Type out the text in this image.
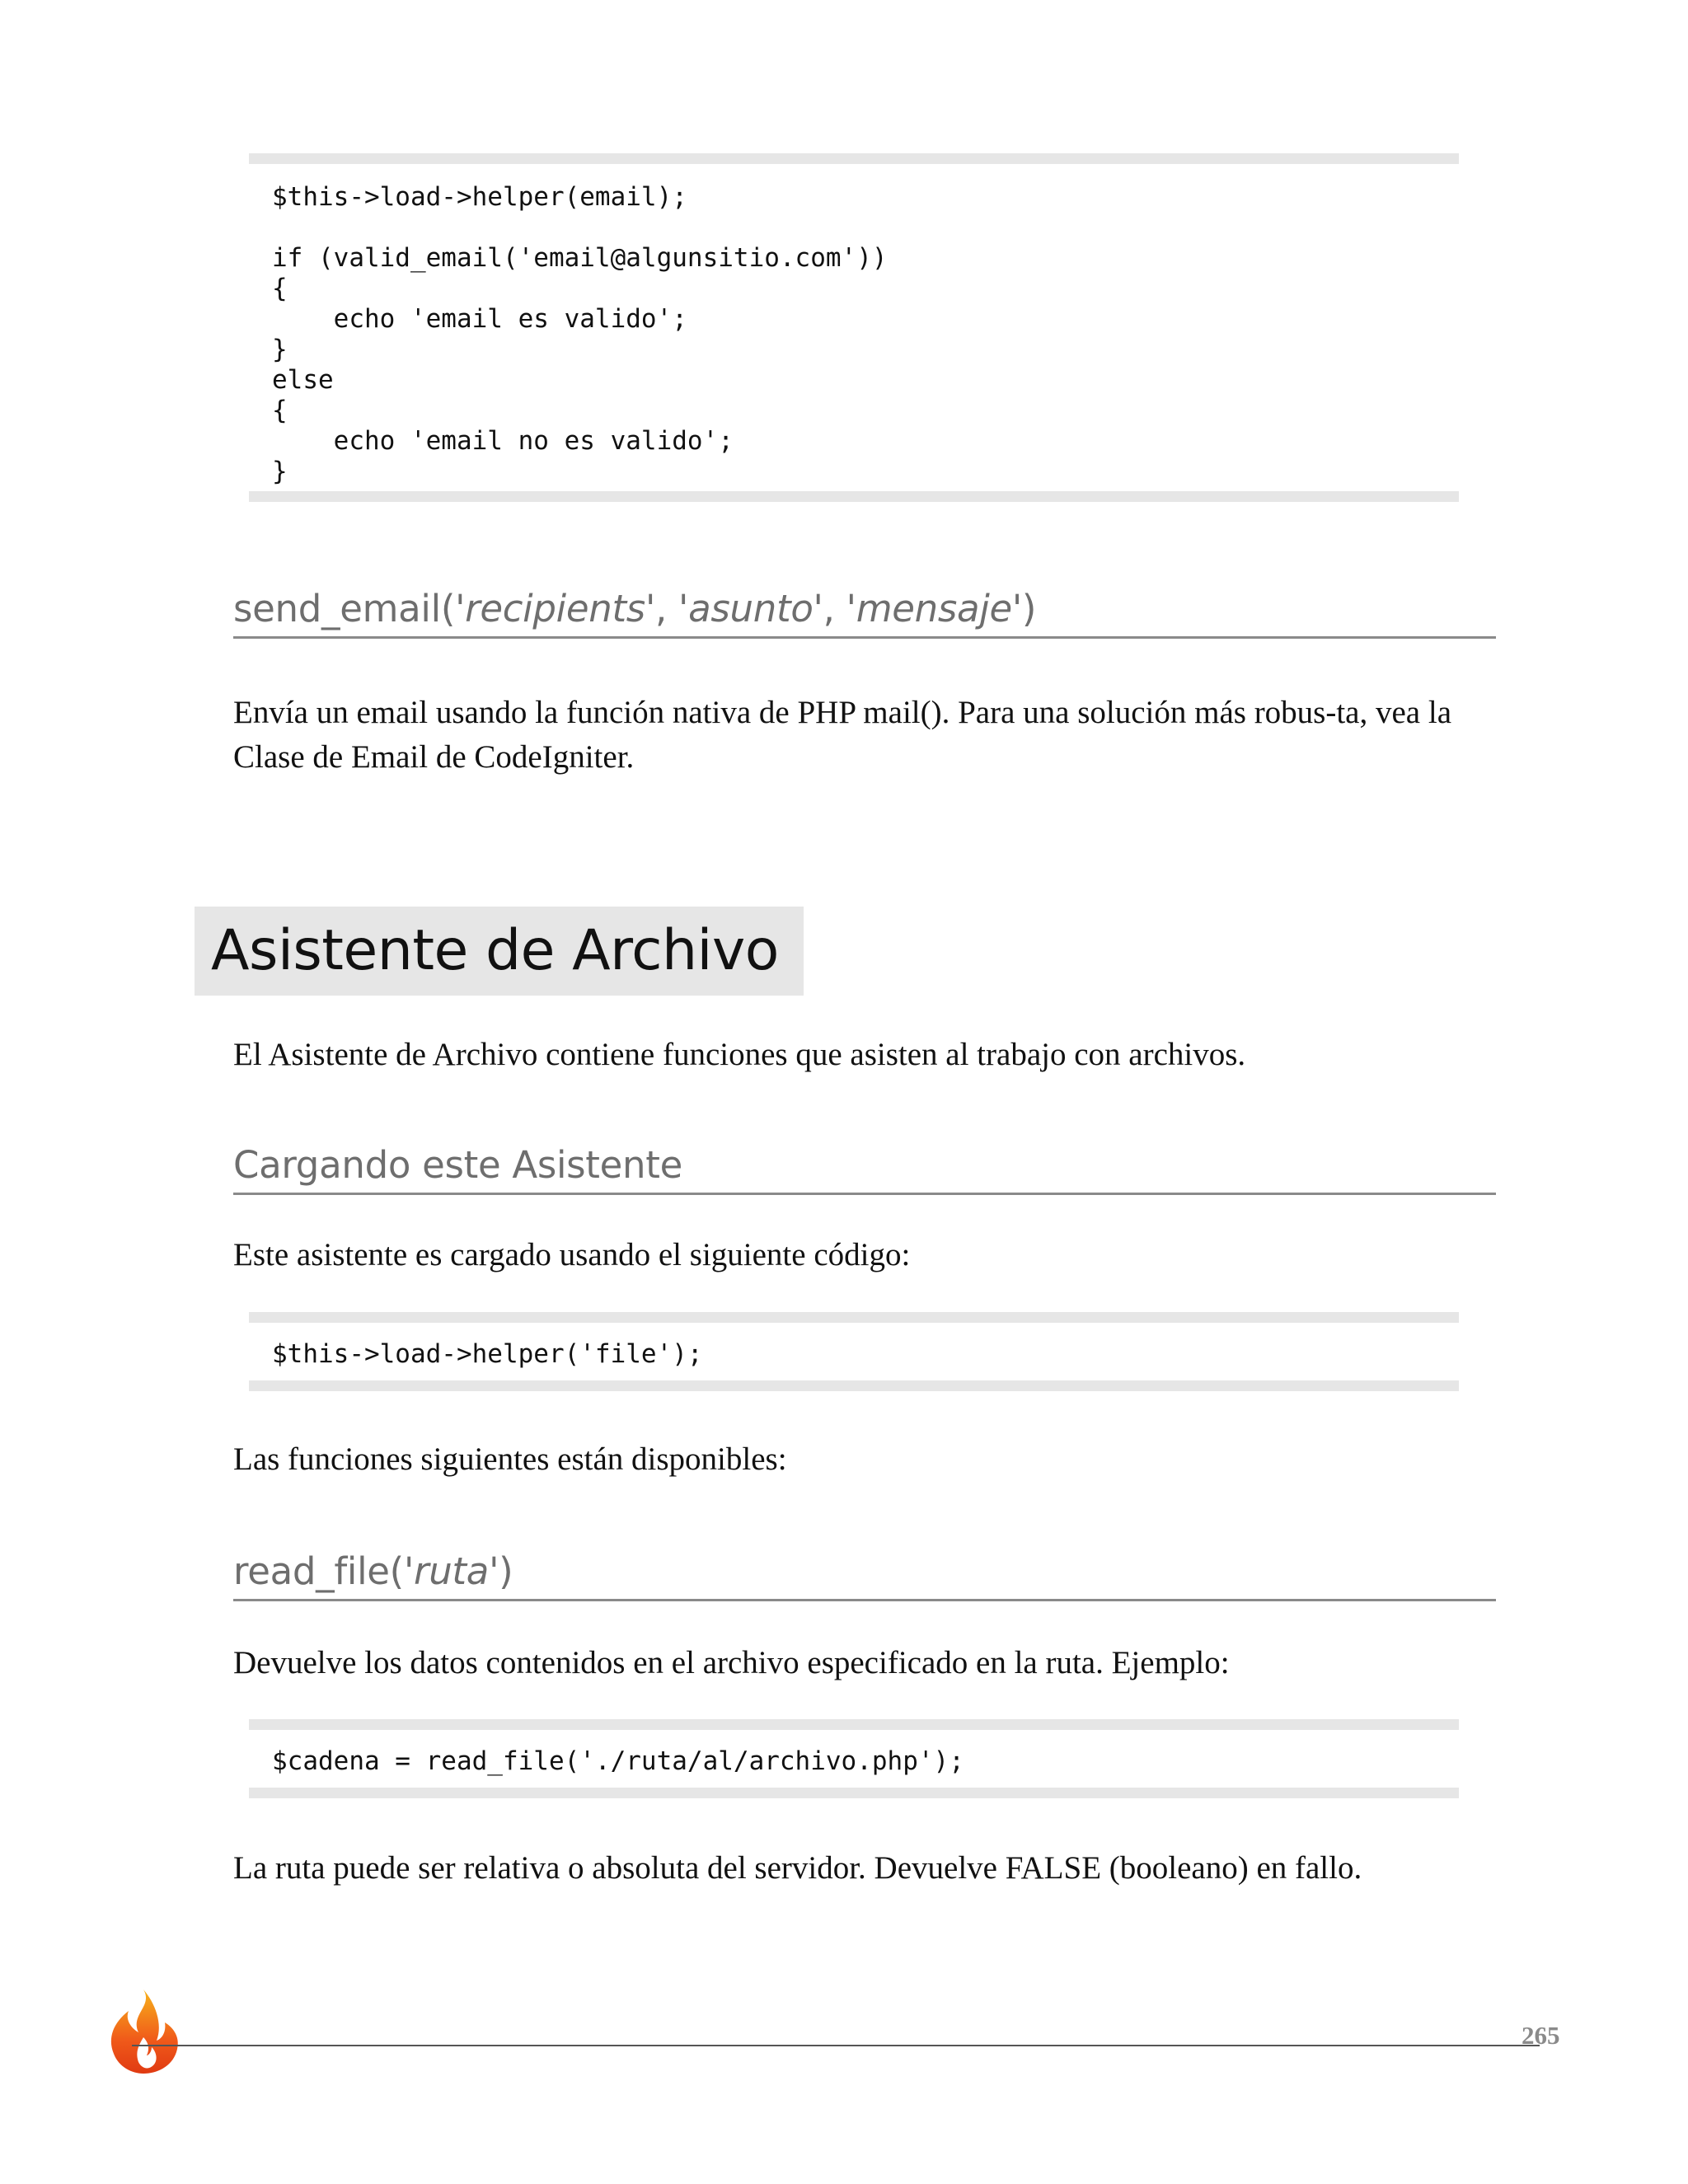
$this->load->helper(email);

if (valid_email('email@algunsitio.com'))
{
echo 'email es valido';
}
else
{
echo 'email no es valido';
}
send_email('recipients', 'asunto', 'mensaje')
Envía un email usando la función nativa de PHP mail(). Para una solución más robus-ta, vea la Clase de Email de CodeIgniter.
Asistente de Archivo
El Asistente de Archivo contiene funciones que asisten al trabajo con archivos.
Cargando este Asistente
Este asistente es cargado usando el siguiente código:
$this->load->helper('file');
Las funciones siguientes están disponibles:
read_file('ruta')
Devuelve los datos contenidos en el archivo especificado en la ruta. Ejemplo:
$cadena = read_file('./ruta/al/archivo.php');
La ruta puede ser relativa o absoluta del servidor. Devuelve FALSE (booleano) en fallo.
265
